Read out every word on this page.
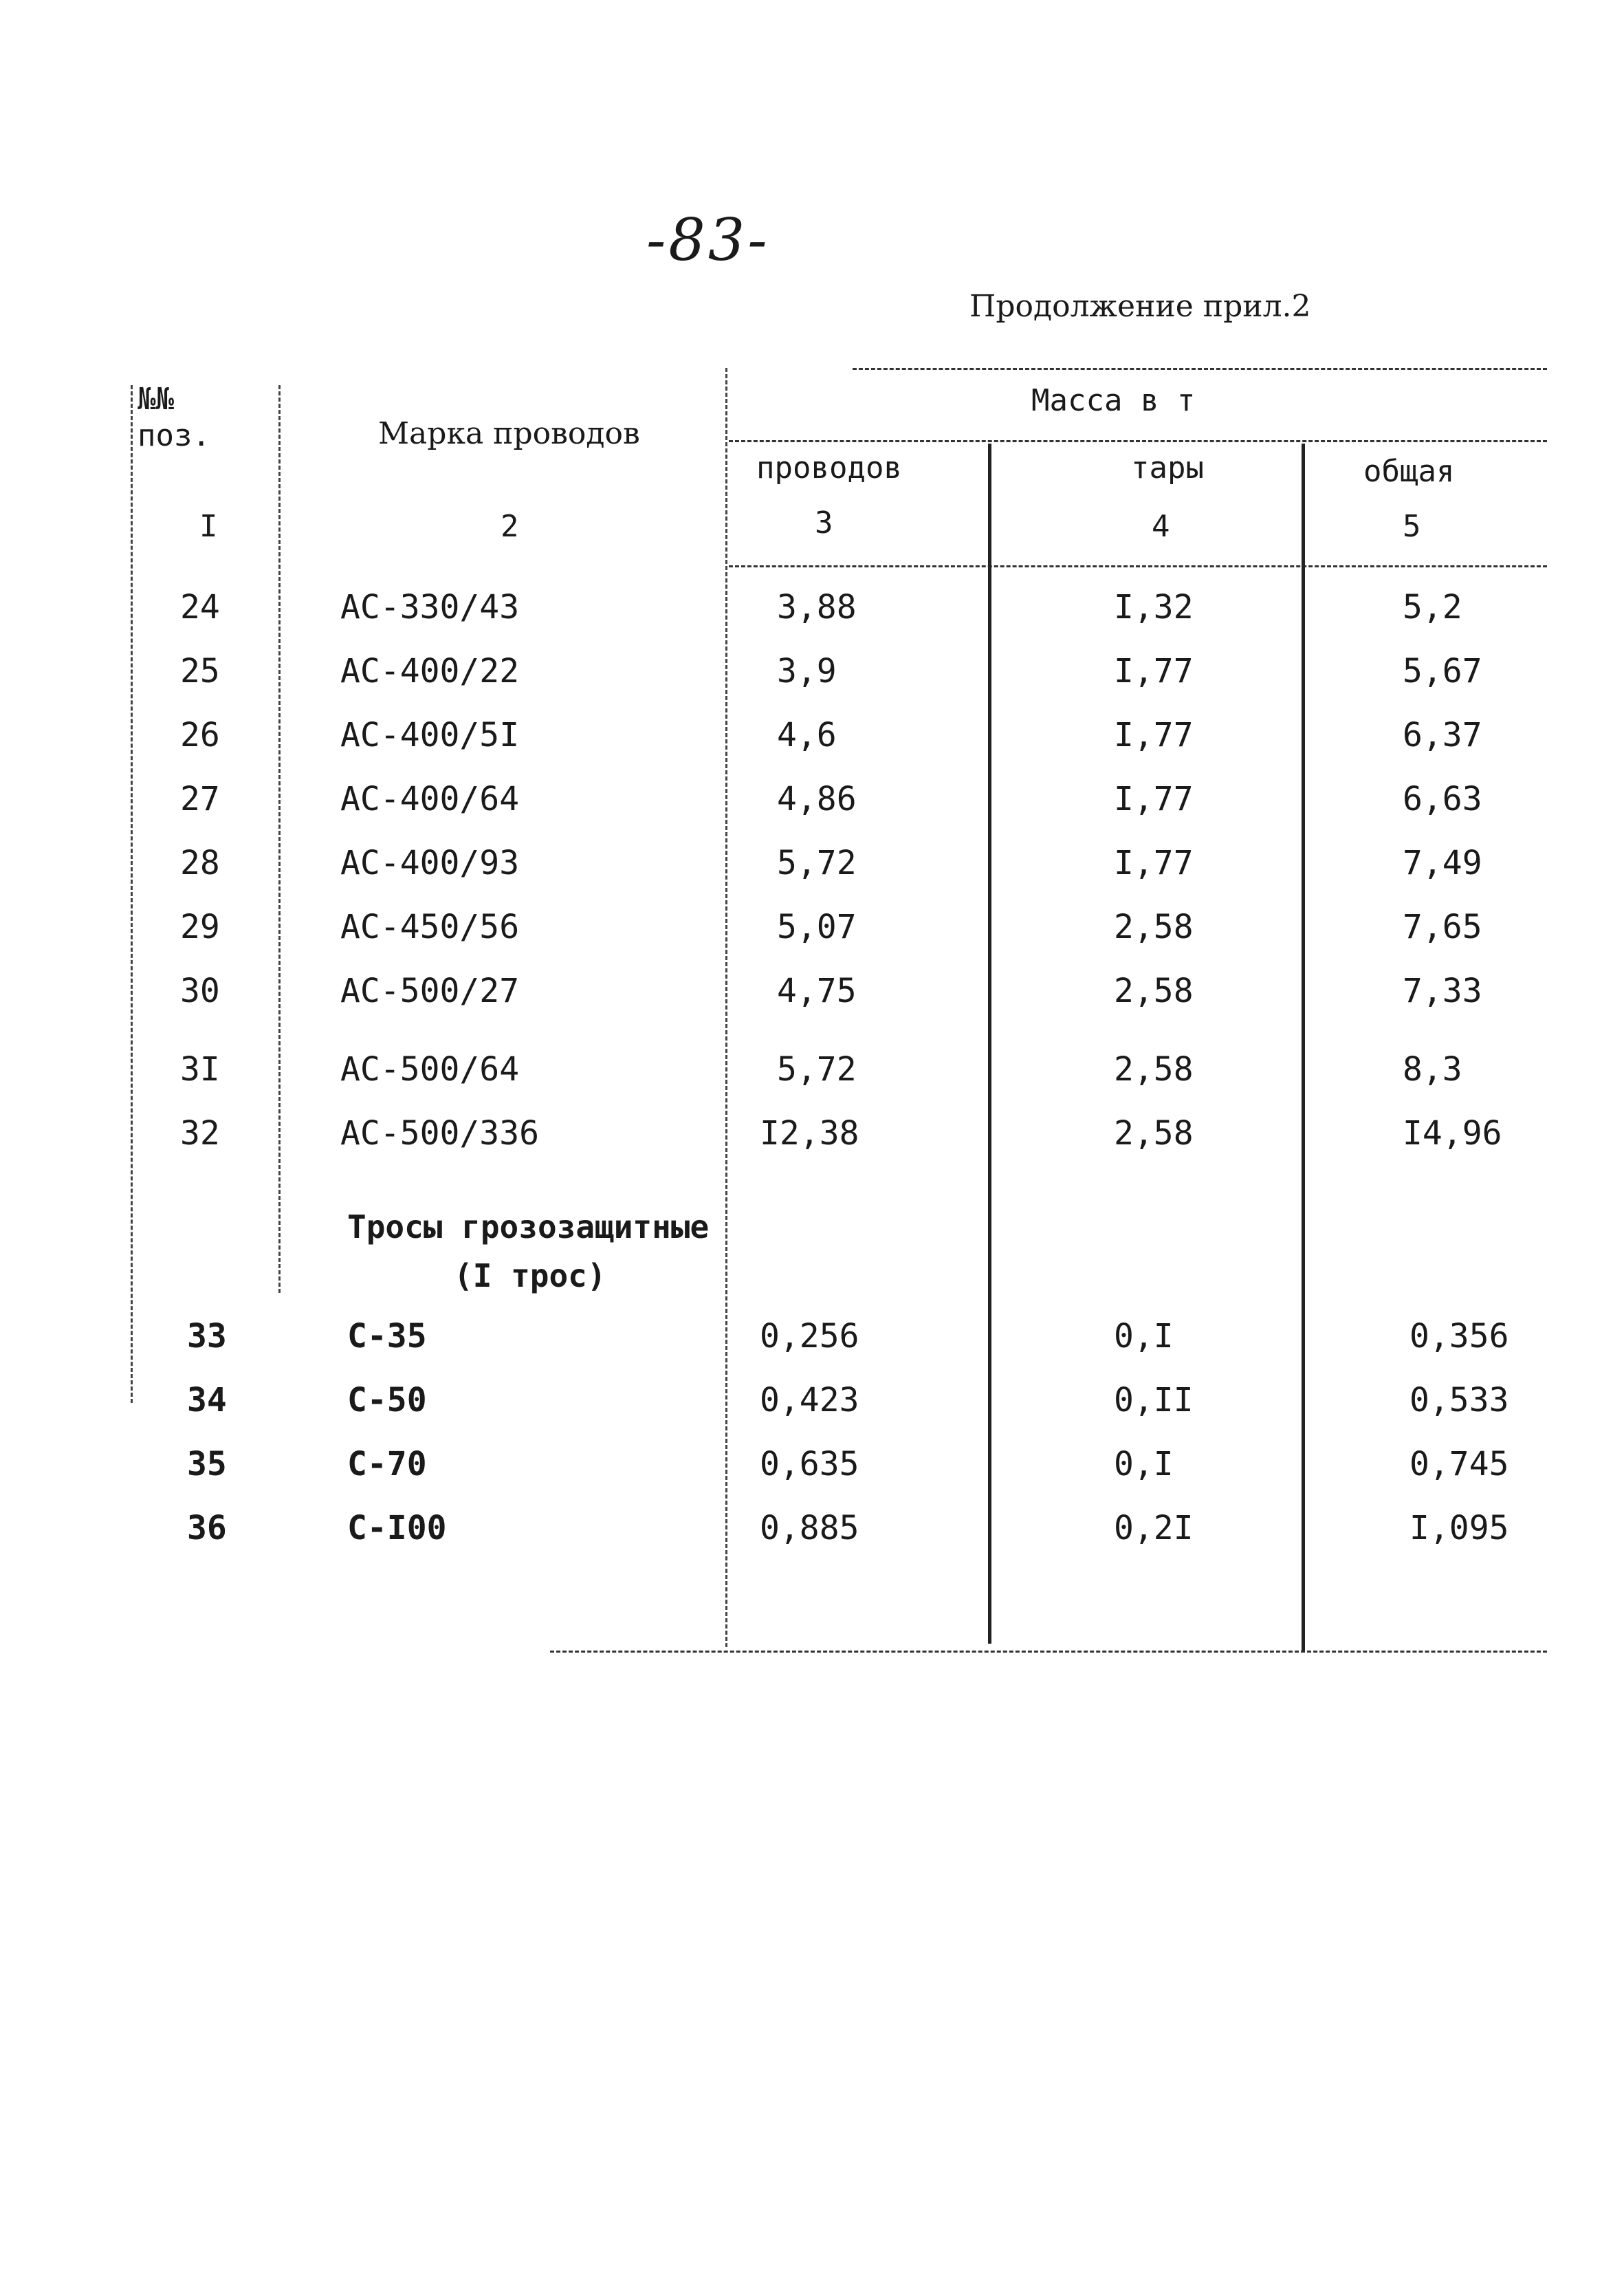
-83-
Продолжение прил.2
№№
поз.	Марка проводов
Масса в т
проводов	тары	общая
I	2	3	4	5
24	АС-330/43	3,88	I,32	5,2
25	АС-400/22	3,9	I,77	5,67
26	АС-400/5I	4,6	I,77	6,37
27	АС-400/64	4,86	I,77	6,63
28	АС-400/93	5,72	I,77	7,49
29	АС-450/56	5,07	2,58	7,65
30	АС-500/27	4,75	2,58	7,33
3I	АС-500/64	5,72	2,58	8,3
32	АС-500/336	I2,38	2,58	I4,96
Тросы грозозащитные
(I трос)
33	С-35	0,256	0,I	0,356
34	С-50	0,423	0,II	0,533
35	С-70	0,635	0,I	0,745
36	С-I00	0,885	0,2I	I,095
